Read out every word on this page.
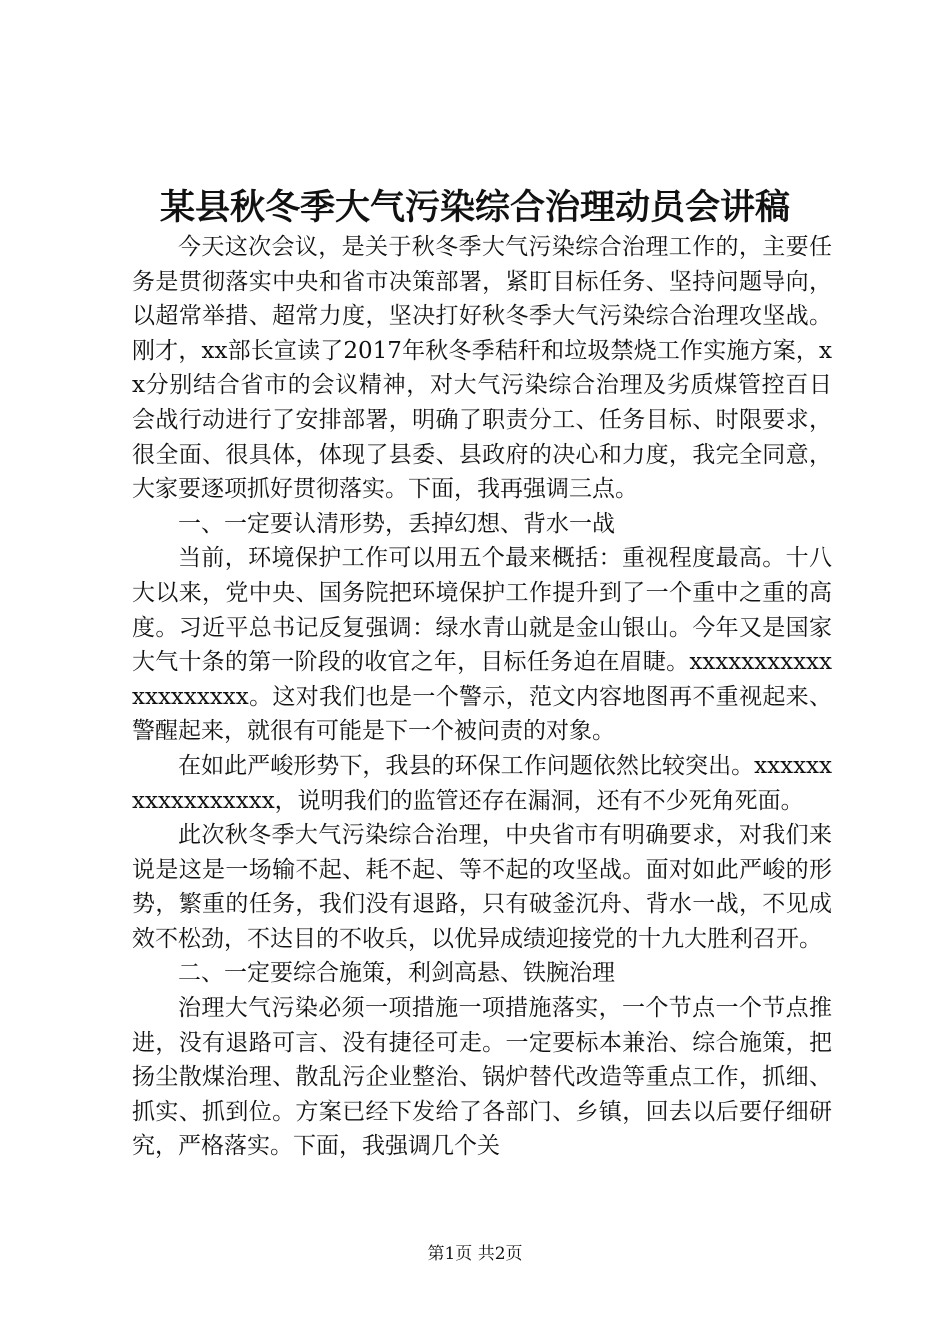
某县秋冬季大气污染综合治理动员会讲稿

今天这次会议，是关于秋冬季大气污染综合治理工作的，主要任务是贯彻落实中央和省市决策部署，紧盯目标任务、坚持问题导向，以超常举措、超常力度，坚决打好秋冬季大气污染综合治理攻坚战。刚才，xx部长宣读了2017年秋冬季秸秆和垃圾禁烧工作实施方案，xx分别结合省市的会议精神，对大气污染综合治理及劣质煤管控百日会战行动进行了安排部署，明确了职责分工、任务目标、时限要求，很全面、很具体，体现了县委、县政府的决心和力度，我完全同意，大家要逐项抓好贯彻落实。下面，我再强调三点。

一、一定要认清形势，丢掉幻想、背水一战

当前，环境保护工作可以用五个最来概括：重视程度最高。十八大以来，党中央、国务院把环境保护工作提升到了一个重中之重的高度。习近平总书记反复强调：绿水青山就是金山银山。今年又是国家大气十条的第一阶段的收官之年，目标任务迫在眉睫。xxxxxxxxxxxxxxxxxxxx。这对我们也是一个警示，范文内容地图再不重视起来、警醒起来，就很有可能是下一个被问责的对象。

在如此严峻形势下，我县的环保工作问题依然比较突出。xxxxxxxxxxxxxxxxx，说明我们的监管还存在漏洞，还有不少死角死面。

此次秋冬季大气污染综合治理，中央省市有明确要求，对我们来说是这是一场输不起、耗不起、等不起的攻坚战。面对如此严峻的形势，繁重的任务，我们没有退路，只有破釜沉舟、背水一战，不见成效不松劲，不达目的不收兵，以优异成绩迎接党的十九大胜利召开。

二、一定要综合施策，利剑高悬、铁腕治理

治理大气污染必须一项措施一项措施落实，一个节点一个节点推进，没有退路可言、没有捷径可走。一定要标本兼治、综合施策，把扬尘散煤治理、散乱污企业整治、锅炉替代改造等重点工作，抓细、抓实、抓到位。方案已经下发给了各部门、乡镇，回去以后要仔细研究，严格落实。下面，我强调几个关

第1页 共2页
